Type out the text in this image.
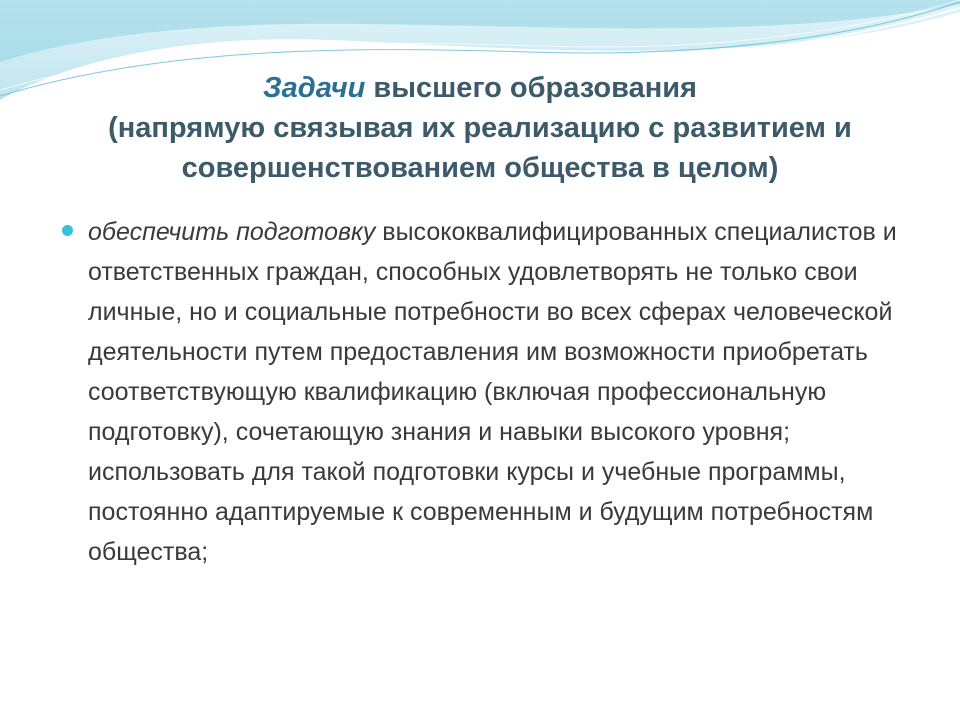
Задачи высшего образования
(напрямую связывая их реализацию с развитием и
совершенствованием общества в целом)
обеспечить подготовку высококвалифицированных специалистов и ответственных граждан, способных удовлетворять не только свои личные, но и социальные потребности во всех сферах человеческой деятельности путем предоставления им возможности приобретать соответствующую квалификацию (включая профессиональную подготовку), сочетающую знания и навыки высокого уровня; использовать для такой подготовки курсы и учебные программы, постоянно адаптируемые к современным и будущим потребностям общества;
